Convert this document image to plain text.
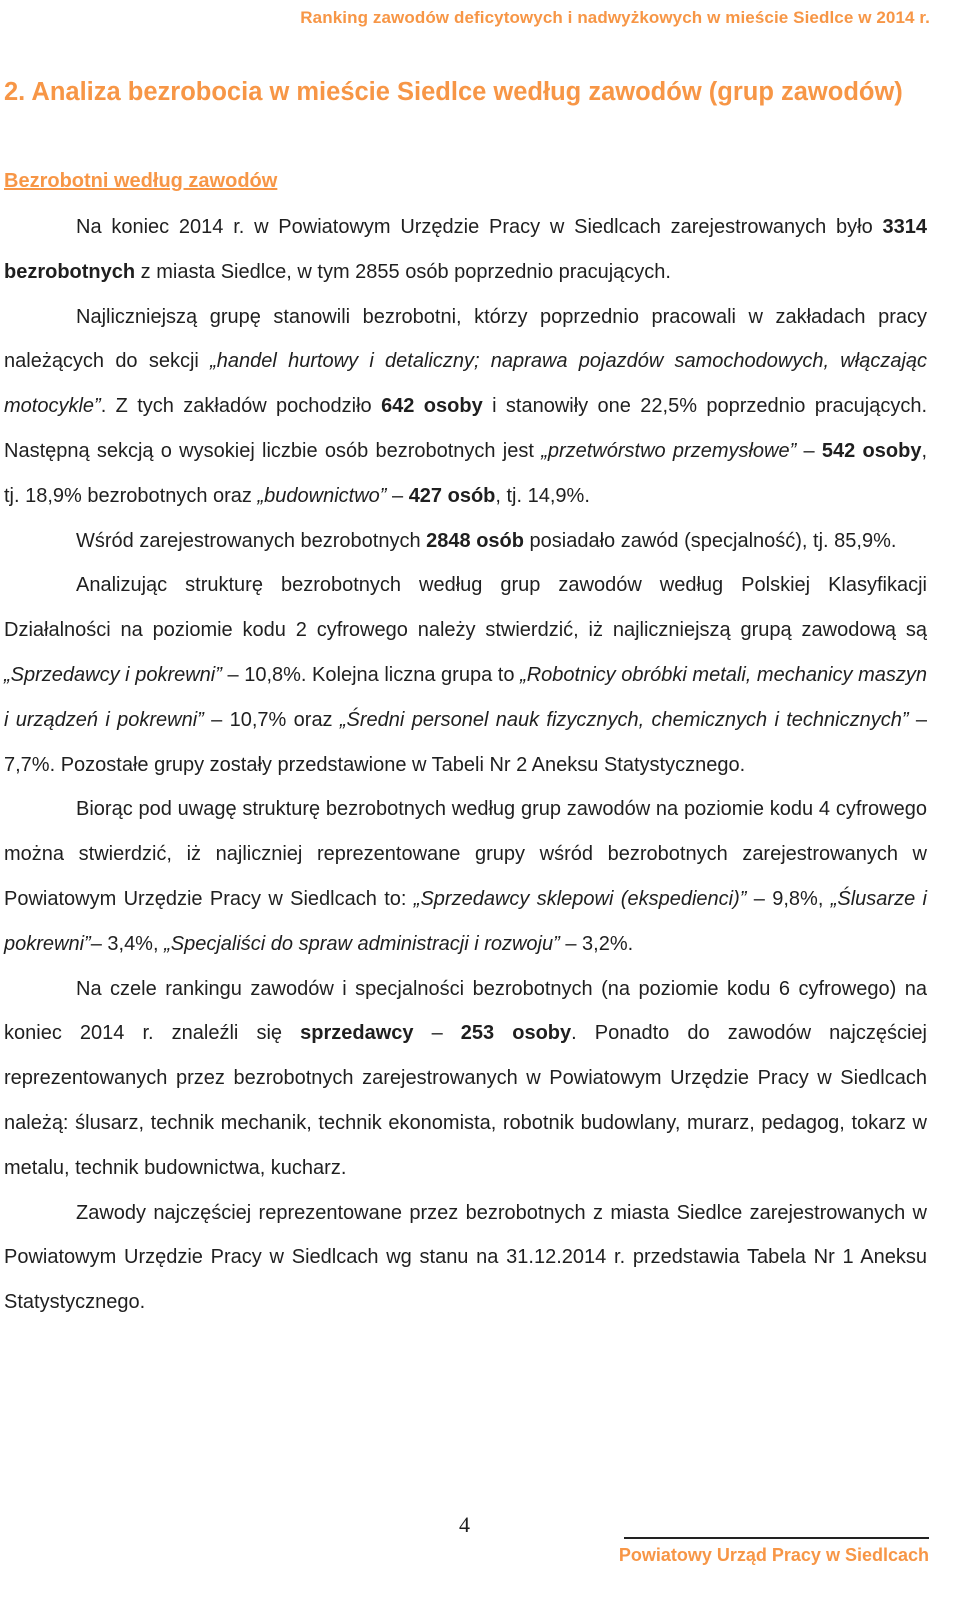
Ranking zawodów deficytowych i nadwyżkowych w mieście Siedlce w 2014 r.
2. Analiza bezrobocia w mieście Siedlce według zawodów (grup zawodów)
Bezrobotni według zawodów

Na koniec 2014 r. w Powiatowym Urzędzie Pracy w Siedlcach zarejestrowanych było 3314 bezrobotnych z miasta Siedlce, w tym 2855 osób poprzednio pracujących.

Najliczniejszą grupę stanowili bezrobotni, którzy poprzednio pracowali w zakładach pracy należących do sekcji „handel hurtowy i detaliczny; naprawa pojazdów samochodowych, włączając motocykle”. Z tych zakładów pochodziło 642 osoby i stanowiły one 22,5% poprzednio pracujących. Następną sekcją o wysokiej liczbie osób bezrobotnych jest „przetwórstwo przemysłowe” – 542 osoby, tj. 18,9% bezrobotnych oraz „budownictwo” – 427 osób, tj. 14,9%.

Wśród zarejestrowanych bezrobotnych 2848 osób posiadało zawód (specjalność), tj. 85,9%.

Analizując strukturę bezrobotnych według grup zawodów według Polskiej Klasyfikacji Działalności na poziomie kodu 2 cyfrowego należy stwierdzić, iż najliczniejszą grupą zawodową są „Sprzedawcy i pokrewni” – 10,8%. Kolejna liczna grupa to „Robotnicy obróbki metali, mechanicy maszyn i urządzeń i pokrewni” – 10,7% oraz „Średni personel nauk fizycznych, chemicznych i technicznych” – 7,7%. Pozostałe grupy zostały przedstawione w Tabeli Nr 2 Aneksu Statystycznego.

Biorąc pod uwagę strukturę bezrobotnych według grup zawodów na poziomie kodu 4 cyfrowego można stwierdzić, iż najliczniej reprezentowane grupy wśród bezrobotnych zarejestrowanych w Powiatowym Urzędzie Pracy w Siedlcach to: „Sprzedawcy sklepowi (ekspedienci)” – 9,8%, „Ślusarze i pokrewni”– 3,4%, „Specjaliści do spraw administracji i rozwoju” – 3,2%.

Na czele rankingu zawodów i specjalności bezrobotnych (na poziomie kodu 6 cyfrowego) na koniec 2014 r. znaleźli się sprzedawcy – 253 osoby. Ponadto do zawodów najczęściej reprezentowanych przez bezrobotnych zarejestrowanych w Powiatowym Urzędzie Pracy w Siedlcach należą: ślusarz, technik mechanik, technik ekonomista, robotnik budowlany, murarz, pedagog, tokarz w metalu, technik budownictwa, kucharz.

Zawody najczęściej reprezentowane przez bezrobotnych z miasta Siedlce zarejestrowanych w Powiatowym Urzędzie Pracy w Siedlcach wg stanu na 31.12.2014 r. przedstawia Tabela Nr 1 Aneksu Statystycznego.

4
Powiatowy Urząd Pracy w Siedlcach
